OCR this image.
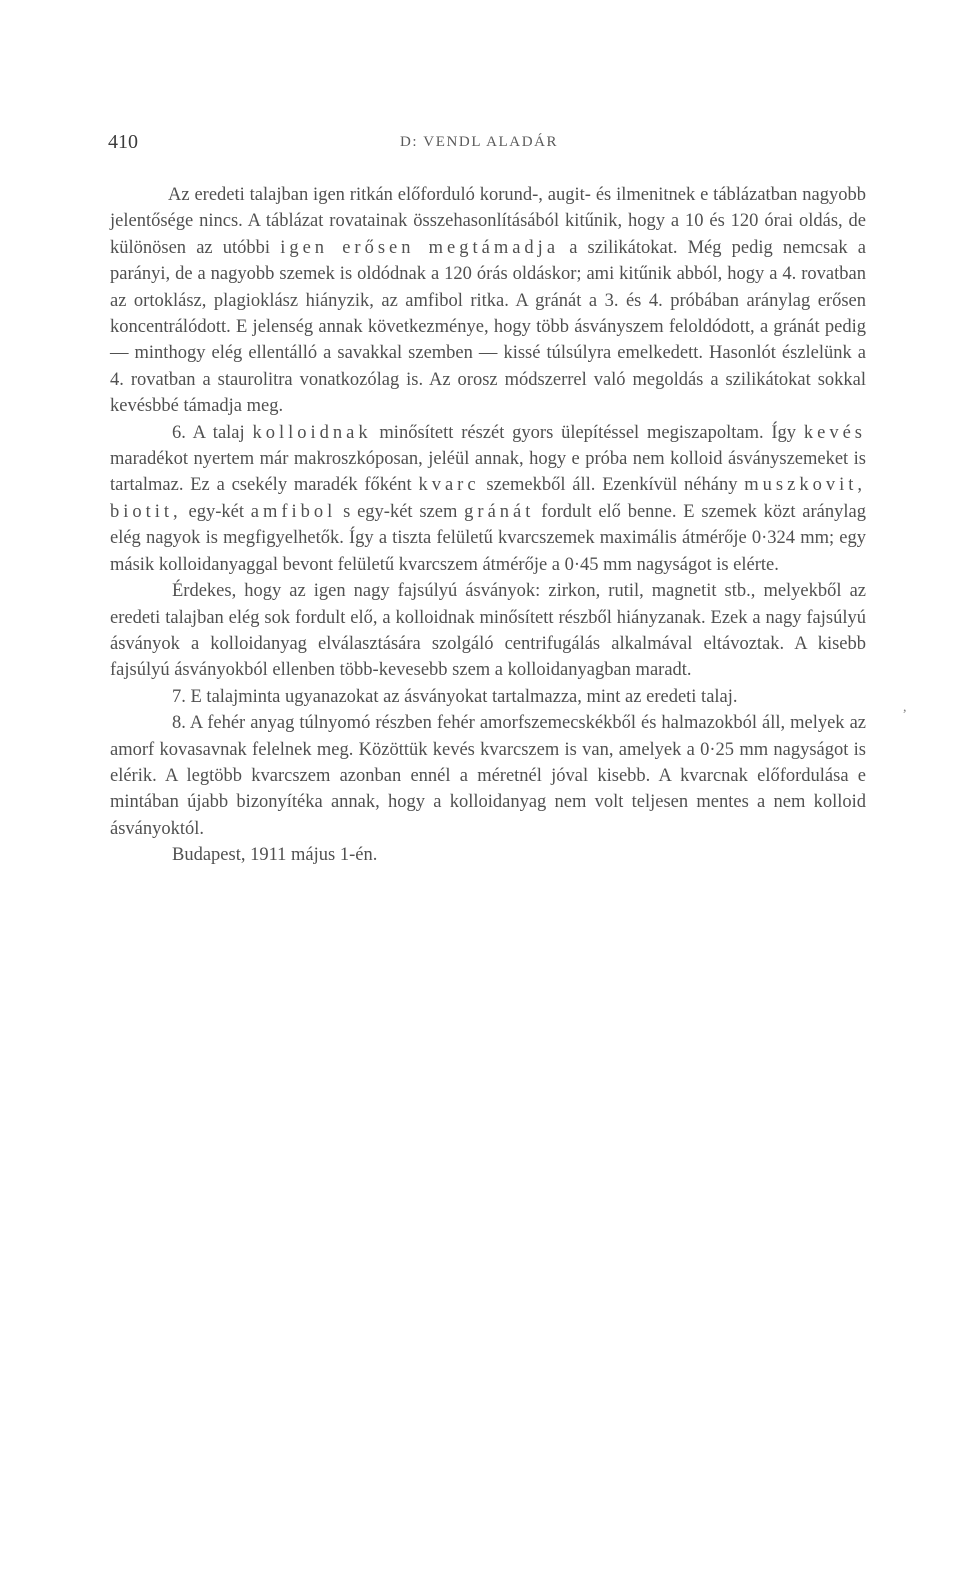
410	D: VENDL ALADÁR

Az eredeti talajban igen ritkán előforduló korund-, augit- és ilmenitnek e táblázatban nagyobb jelentősége nincs. A táblázat rovatainak összehasonlításából kitűnik, hogy a 10 és 120 órai oldás, de különösen az utóbbi igen erősen megtámadja a szilikátokat. Még pedig nemcsak a parányi, de a nagyobb szemek is oldódnak a 120 órás oldáskor; ami kitűnik abból, hogy a 4. rovatban az ortoklász, plagioklász hiányzik, az amfibol ritka. A gránát a 3. és 4. próbában aránylag erősen koncentrálódott. E jelenség annak következménye, hogy több ásványszem feloldódott, a gránát pedig — minthogy elég ellentálló a savakkal szemben — kissé túlsúlyra emelkedett. Hasonlót észlelünk a 4. rovatban a staurolitra vonatkozólag is. Az orosz módszerrel való megoldás a szilikátokat sokkal kevésbbé támadja meg.

6. A talaj kolloidnak minősített részét gyors ülepítéssel megiszapoltam. Így kevés maradékot nyertem már makroszkóposan, jeléül annak, hogy e próba nem kolloid ásványszemeket is tartalmaz. Ez a csekély maradék főként kvarc szemekből áll. Ezenkívül néhány muszkovit, biotit, egy-két amfibol s egy-két szem gránát fordult elő benne. E szemek közt aránylag elég nagyok is megfigyelhetők. Így a tiszta felületű kvarcszemek maximális átmérője 0·324 mm; egy másik kolloidanyaggal bevont felületű kvarcszem átmérője a 0·45 mm nagyságot is elérte.

Érdekes, hogy az igen nagy fajsúlyú ásványok: zirkon, rutil, magnetit stb., melyekből az eredeti talajban elég sok fordult elő, a kolloidnak minősített részből hiányzanak. Ezek a nagy fajsúlyú ásványok a kolloidanyag elválasztására szolgáló centrifugálás alkalmával eltávoztak. A kisebb fajsúlyú ásványokból ellenben több-kevesebb szem a kolloidanyagban maradt.

7. E talajminta ugyanazokat az ásványokat tartalmazza, mint az eredeti talaj.

8. A fehér anyag túlnyomó részben fehér amorfszemecskékből és halmazokból áll, melyek az amorf kovasavnak felelnek meg. Közöttük kevés kvarcszem is van, amelyek a 0·25 mm nagyságot is elérik. A legtöbb kvarcszem azonban ennél a méretnél jóval kisebb. A kvarcnak előfordulása e mintában újabb bizonyítéka annak, hogy a kolloidanyag nem volt teljesen mentes a nem kolloid ásványoktól.

Budapest, 1911 május 1-én.

,
